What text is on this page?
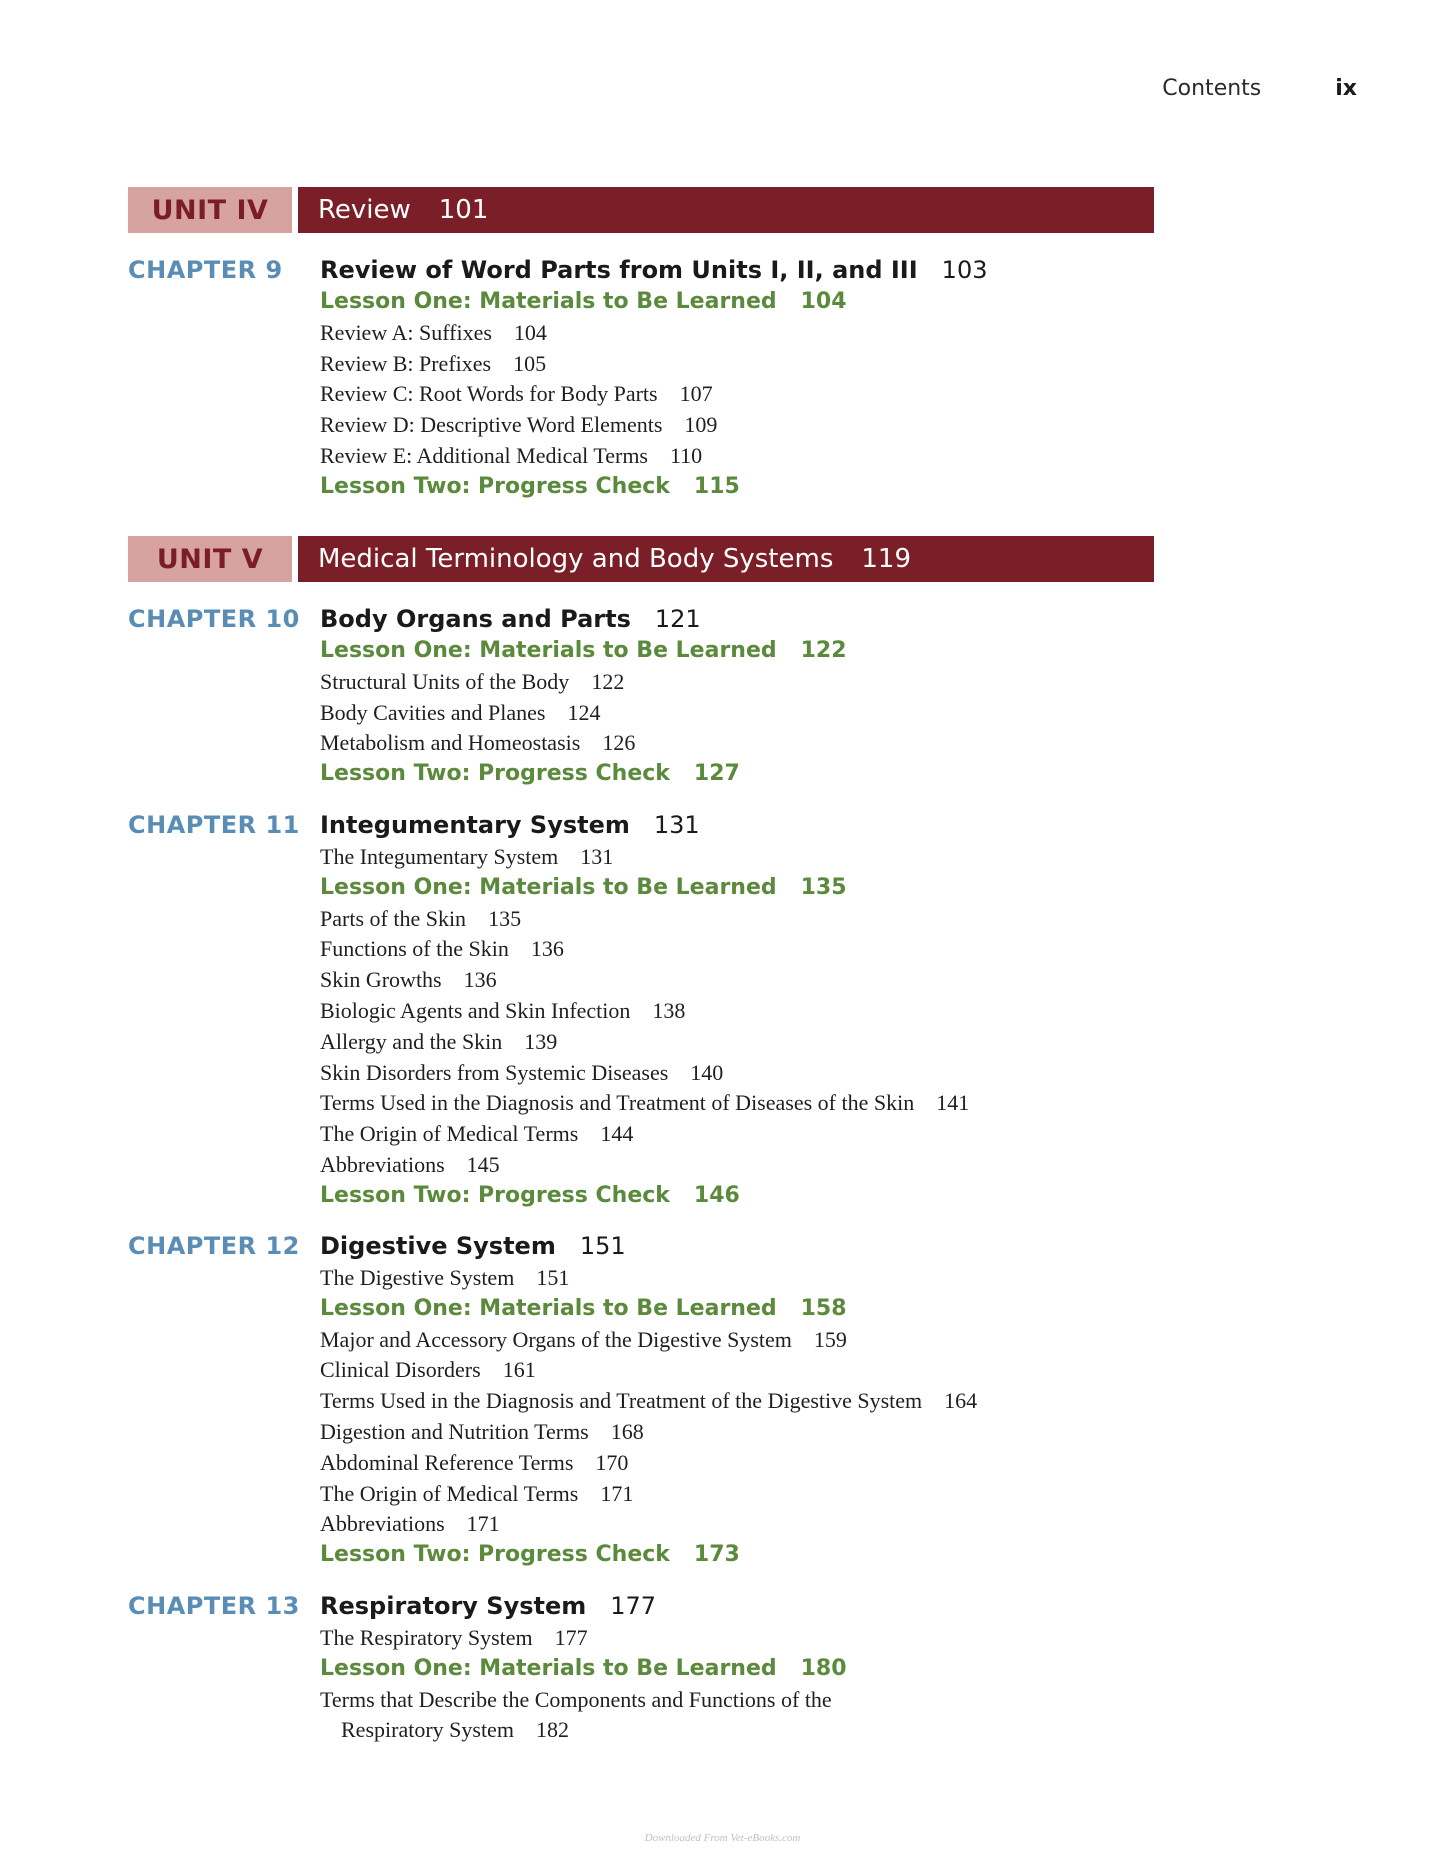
Contents	ix
UNIT IV	Review 101
CHAPTER 9 Review of Word Parts from Units I, II, and III 103
Lesson One: Materials to Be Learned 104
Review A: Suffixes 104
Review B: Prefixes 105
Review C: Root Words for Body Parts 107
Review D: Descriptive Word Elements 109
Review E: Additional Medical Terms 110
Lesson Two: Progress Check 115
UNIT V	Medical Terminology and Body Systems 119
CHAPTER 10 Body Organs and Parts 121
Lesson One: Materials to Be Learned 122
Structural Units of the Body 122
Body Cavities and Planes 124
Metabolism and Homeostasis 126
Lesson Two: Progress Check 127
CHAPTER 11 Integumentary System 131
The Integumentary System 131
Lesson One: Materials to Be Learned 135
Parts of the Skin 135
Functions of the Skin 136
Skin Growths 136
Biologic Agents and Skin Infection 138
Allergy and the Skin 139
Skin Disorders from Systemic Diseases 140
Terms Used in the Diagnosis and Treatment of Diseases of the Skin 141
The Origin of Medical Terms 144
Abbreviations 145
Lesson Two: Progress Check 146
CHAPTER 12 Digestive System 151
The Digestive System 151
Lesson One: Materials to Be Learned 158
Major and Accessory Organs of the Digestive System 159
Clinical Disorders 161
Terms Used in the Diagnosis and Treatment of the Digestive System 164
Digestion and Nutrition Terms 168
Abdominal Reference Terms 170
The Origin of Medical Terms 171
Abbreviations 171
Lesson Two: Progress Check 173
CHAPTER 13 Respiratory System 177
The Respiratory System 177
Lesson One: Materials to Be Learned 180
Terms that Describe the Components and Functions of the
Respiratory System 182
Downloaded From Vet-eBooks.com
